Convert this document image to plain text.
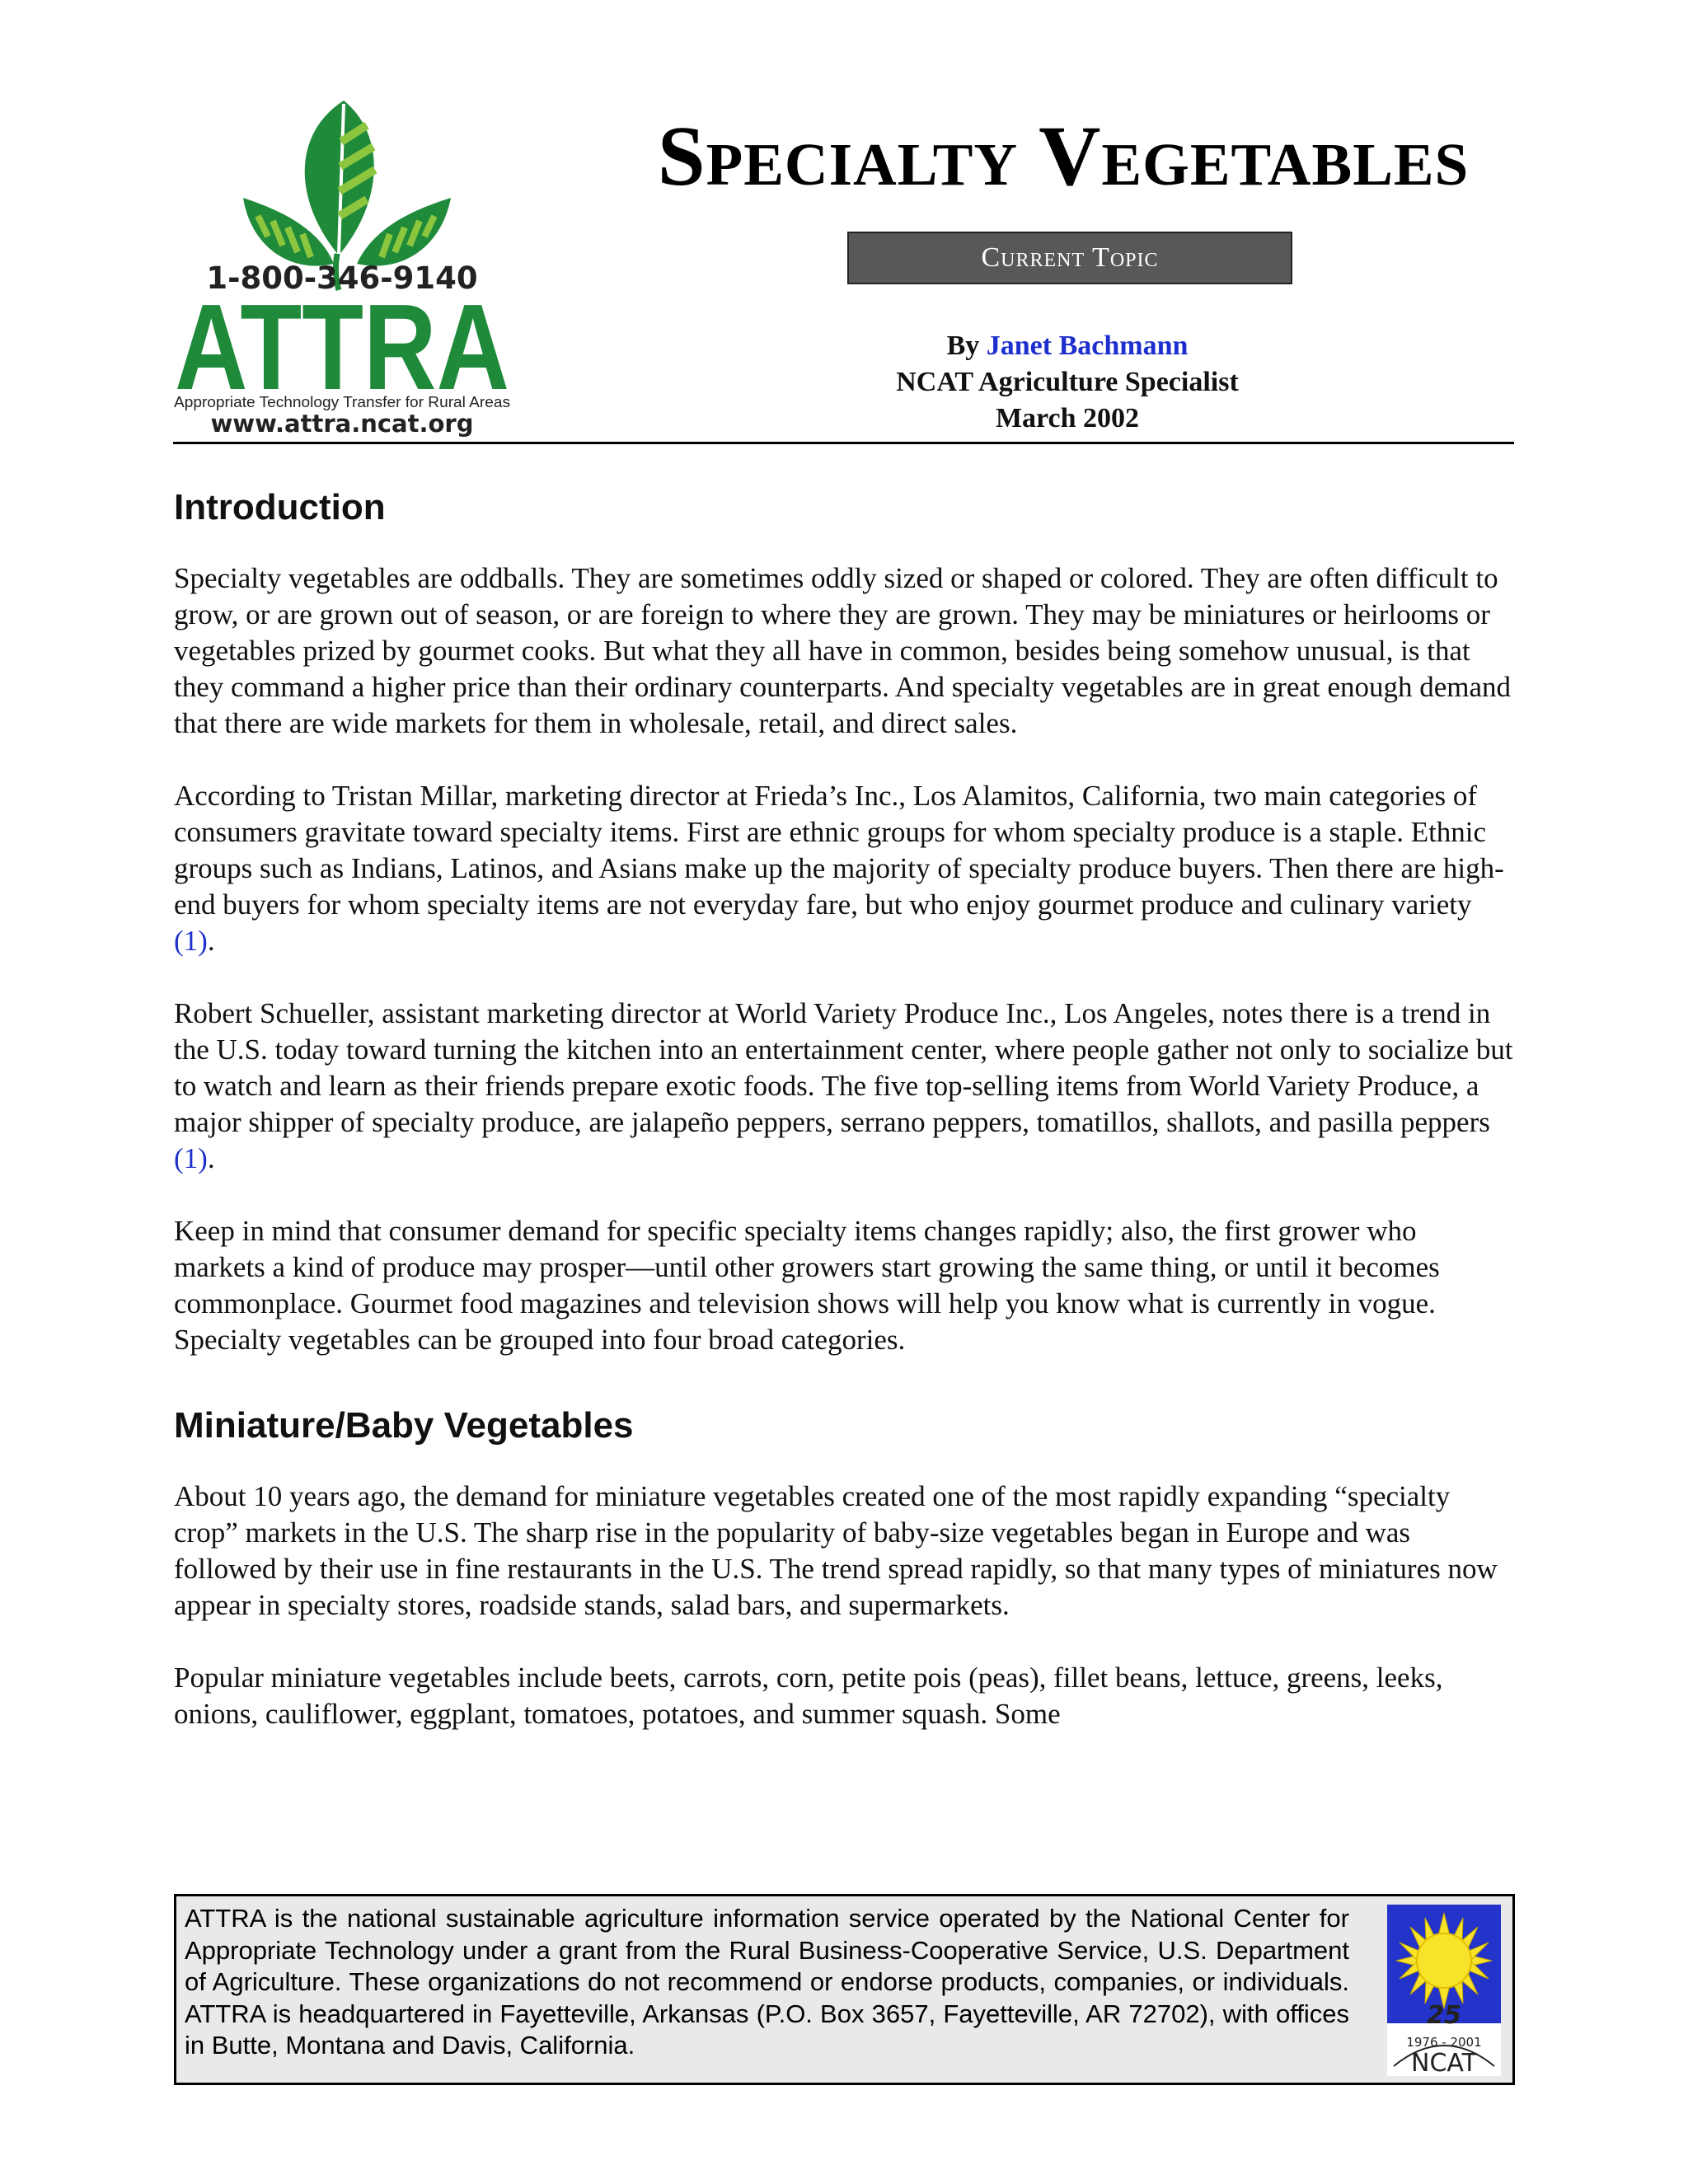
1-800-346-9140
ATTRA
Appropriate Technology Transfer for Rural Areas
www.attra.ncat.org
Specialty Vegetables
Current Topic
By Janet Bachmann
NCAT Agriculture Specialist
March 2002
Introduction

Specialty vegetables are oddballs. They are sometimes oddly sized or shaped or colored. They are often difficult to grow, or are grown out of season, or are foreign to where they are grown. They may be miniatures or heirlooms or vegetables prized by gourmet cooks. But what they all have in common, besides being somehow unusual, is that they command a higher price than their ordinary counterparts. And specialty vegetables are in great enough demand that there are wide markets for them in wholesale, retail, and direct sales.

According to Tristan Millar, marketing director at Frieda’s Inc., Los Alamitos, California, two main categories of consumers gravitate toward specialty items. First are ethnic groups for whom specialty produce is a staple. Ethnic groups such as Indians, Latinos, and Asians make up the majority of specialty produce buyers. Then there are high-end buyers for whom specialty items are not everyday fare, but who enjoy gourmet produce and culinary variety (1).

Robert Schueller, assistant marketing director at World Variety Produce Inc., Los Angeles, notes there is a trend in the U.S. today toward turning the kitchen into an entertainment center, where people gather not only to socialize but to watch and learn as their friends prepare exotic foods. The five top-selling items from World Variety Produce, a major shipper of specialty produce, are jalapeño peppers, serrano peppers, tomatillos, shallots, and pasilla peppers (1).

Keep in mind that consumer demand for specific specialty items changes rapidly; also, the first grower who markets a kind of produce may prosper—until other growers start growing the same thing, or until it becomes commonplace. Gourmet food magazines and television shows will help you know what is currently in vogue. Specialty vegetables can be grouped into four broad categories.

Miniature/Baby Vegetables

About 10 years ago, the demand for miniature vegetables created one of the most rapidly expanding “specialty crop” markets in the U.S. The sharp rise in the popularity of baby-size vegetables began in Europe and was followed by their use in fine restaurants in the U.S. The trend spread rapidly, so that many types of miniatures now appear in specialty stores, roadside stands, salad bars, and supermarkets.

Popular miniature vegetables include beets, carrots, corn, petite pois (peas), fillet beans, lettuce, greens, leeks, onions, cauliflower, eggplant, tomatoes, potatoes, and summer squash. Some

ATTRA is the national sustainable agriculture information service operated by the National Center for Appropriate Technology under a grant from the Rural Business-Cooperative Service, U.S. Department of Agriculture. These organizations do not recommend or endorse products, companies, or individuals. ATTRA is headquartered in Fayetteville, Arkansas (P.O. Box 3657, Fayetteville, AR 72702), with offices in Butte, Montana and Davis, California.
25
1976 - 2001
NCAT
